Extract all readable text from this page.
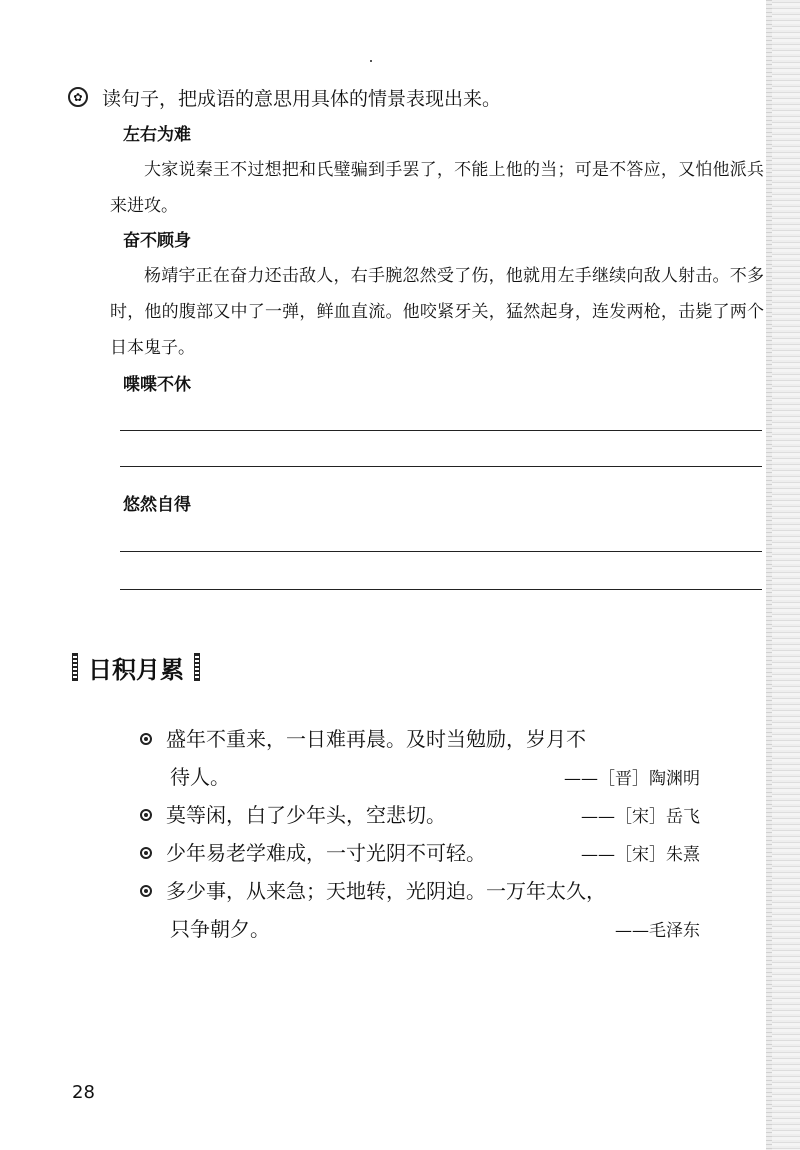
✿ 读句子，把成语的意思用具体的情景表现出来。
左右为难
大家说秦王不过想把和氏璧骗到手罢了，不能上他的当；可是不答应，又怕他派兵来进攻。
奋不顾身
杨靖宇正在奋力还击敌人，右手腕忽然受了伤，他就用左手继续向敌人射击。不多时，他的腹部又中了一弹，鲜血直流。他咬紧牙关，猛然起身，连发两枪，击毙了两个日本鬼子。
喋喋不休
悠然自得
日积月累
盛年不重来，一日难再晨。及时当勉励，岁月不
待人。	——［晋］陶渊明
莫等闲，白了少年头，空悲切。	——［宋］岳飞
少年易老学难成，一寸光阴不可轻。	——［宋］朱熹
多少事，从来急；天地转，光阴迫。一万年太久，
只争朝夕。	——毛泽东
28
